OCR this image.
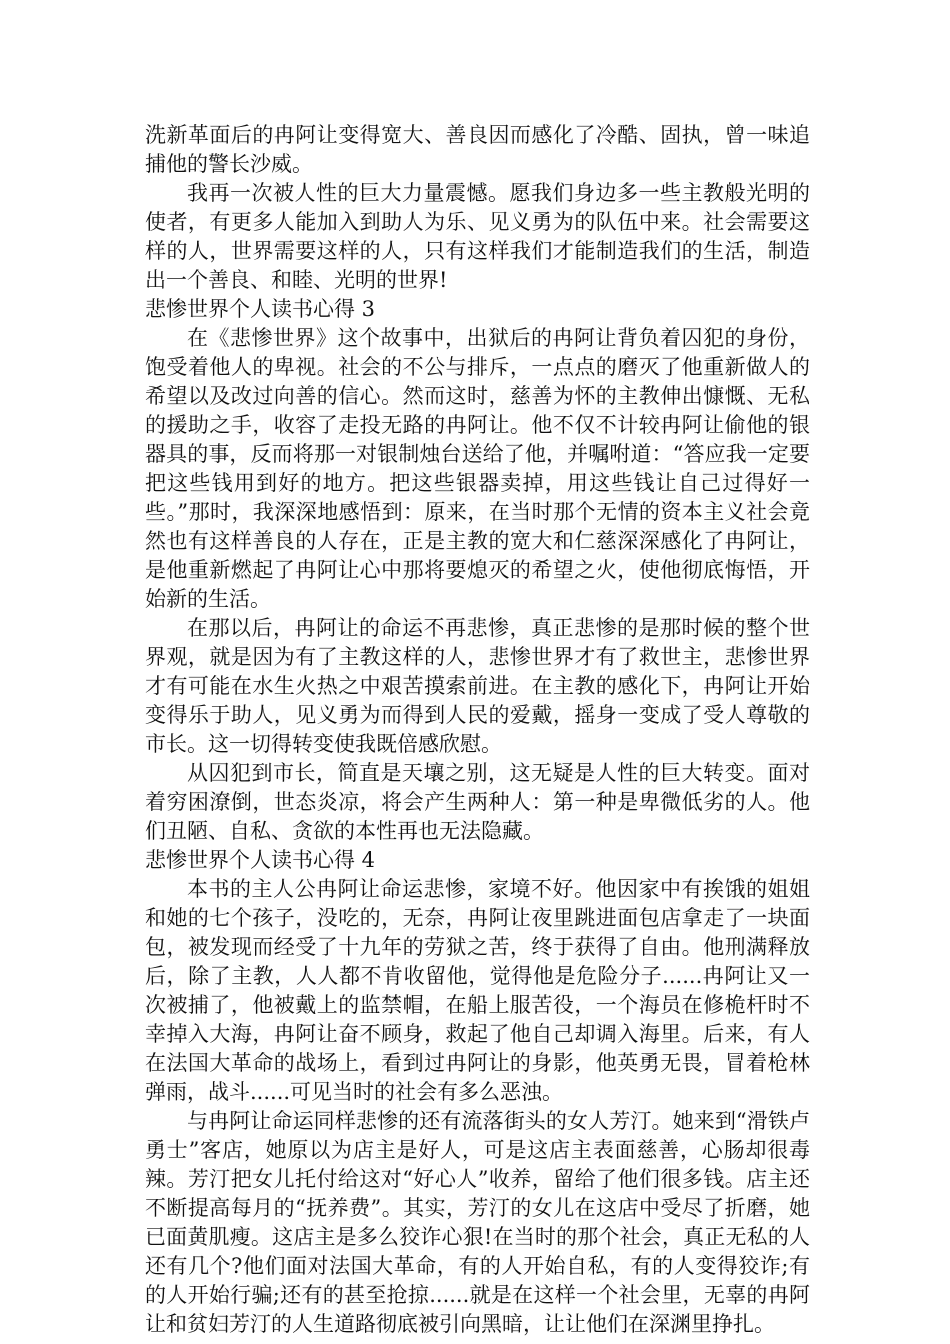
洗新革面后的冉阿让变得宽大、善良因而感化了冷酷、固执，曾一味追捕他的警长沙威。

我再一次被人性的巨大力量震憾。愿我们身边多一些主教般光明的使者，有更多人能加入到助人为乐、见义勇为的队伍中来。社会需要这样的人，世界需要这样的人，只有这样我们才能制造我们的生活，制造出一个善良、和睦、光明的世界!

悲惨世界个人读书心得 3

在《悲惨世界》这个故事中，出狱后的冉阿让背负着囚犯的身份，饱受着他人的卑视。社会的不公与排斥，一点点的磨灭了他重新做人的希望以及改过向善的信心。然而这时，慈善为怀的主教伸出慷慨、无私的援助之手，收容了走投无路的冉阿让。他不仅不计较冉阿让偷他的银器具的事，反而将那一对银制烛台送给了他，并嘱咐道：“答应我一定要把这些钱用到好的地方。把这些银器卖掉，用这些钱让自己过得好一些。”那时，我深深地感悟到：原来，在当时那个无情的资本主义社会竟然也有这样善良的人存在，正是主教的宽大和仁慈深深感化了冉阿让，是他重新燃起了冉阿让心中那将要熄灭的希望之火，使他彻底悔悟，开始新的生活。

在那以后，冉阿让的命运不再悲惨，真正悲惨的是那时候的整个世界观，就是因为有了主教这样的人，悲惨世界才有了救世主，悲惨世界才有可能在水生火热之中艰苦摸索前进。在主教的感化下，冉阿让开始变得乐于助人，见义勇为而得到人民的爱戴，摇身一变成了受人尊敬的市长。这一切得转变使我既倍感欣慰。

从囚犯到市长，简直是天壤之别，这无疑是人性的巨大转变。面对着穷困潦倒，世态炎凉，将会产生两种人：第一种是卑微低劣的人。他们丑陋、自私、贪欲的本性再也无法隐藏。

悲惨世界个人读书心得 4

本书的主人公冉阿让命运悲惨，家境不好。他因家中有挨饿的姐姐和她的七个孩子，没吃的，无奈，冉阿让夜里跳进面包店拿走了一块面包，被发现而经受了十九年的劳狱之苦，终于获得了自由。他刑满释放后，除了主教，人人都不肯收留他，觉得他是危险分子......冉阿让又一次被捕了，他被戴上的监禁帽，在船上服苦役，一个海员在修桅杆时不幸掉入大海，冉阿让奋不顾身，救起了他自己却调入海里。后来，有人在法国大革命的战场上，看到过冉阿让的身影，他英勇无畏，冒着枪林弹雨，战斗......可见当时的社会有多么恶浊。

与冉阿让命运同样悲惨的还有流落街头的女人芳汀。她来到“滑铁卢勇士”客店，她原以为店主是好人，可是这店主表面慈善，心肠却很毒辣。芳汀把女儿托付给这对“好心人”收养，留给了他们很多钱。店主还不断提高每月的“抚养费”。其实，芳汀的女儿在这店中受尽了折磨，她已面黄肌瘦。这店主是多么狡诈心狠!在当时的那个社会，真正无私的人还有几个?他们面对法国大革命，有的人开始自私，有的人变得狡诈;有的人开始行骗;还有的甚至抢掠......就是在这样一个社会里，无辜的冉阿让和贫妇芳汀的人生道路彻底被引向黑暗，让让他们在深渊里挣扎。
